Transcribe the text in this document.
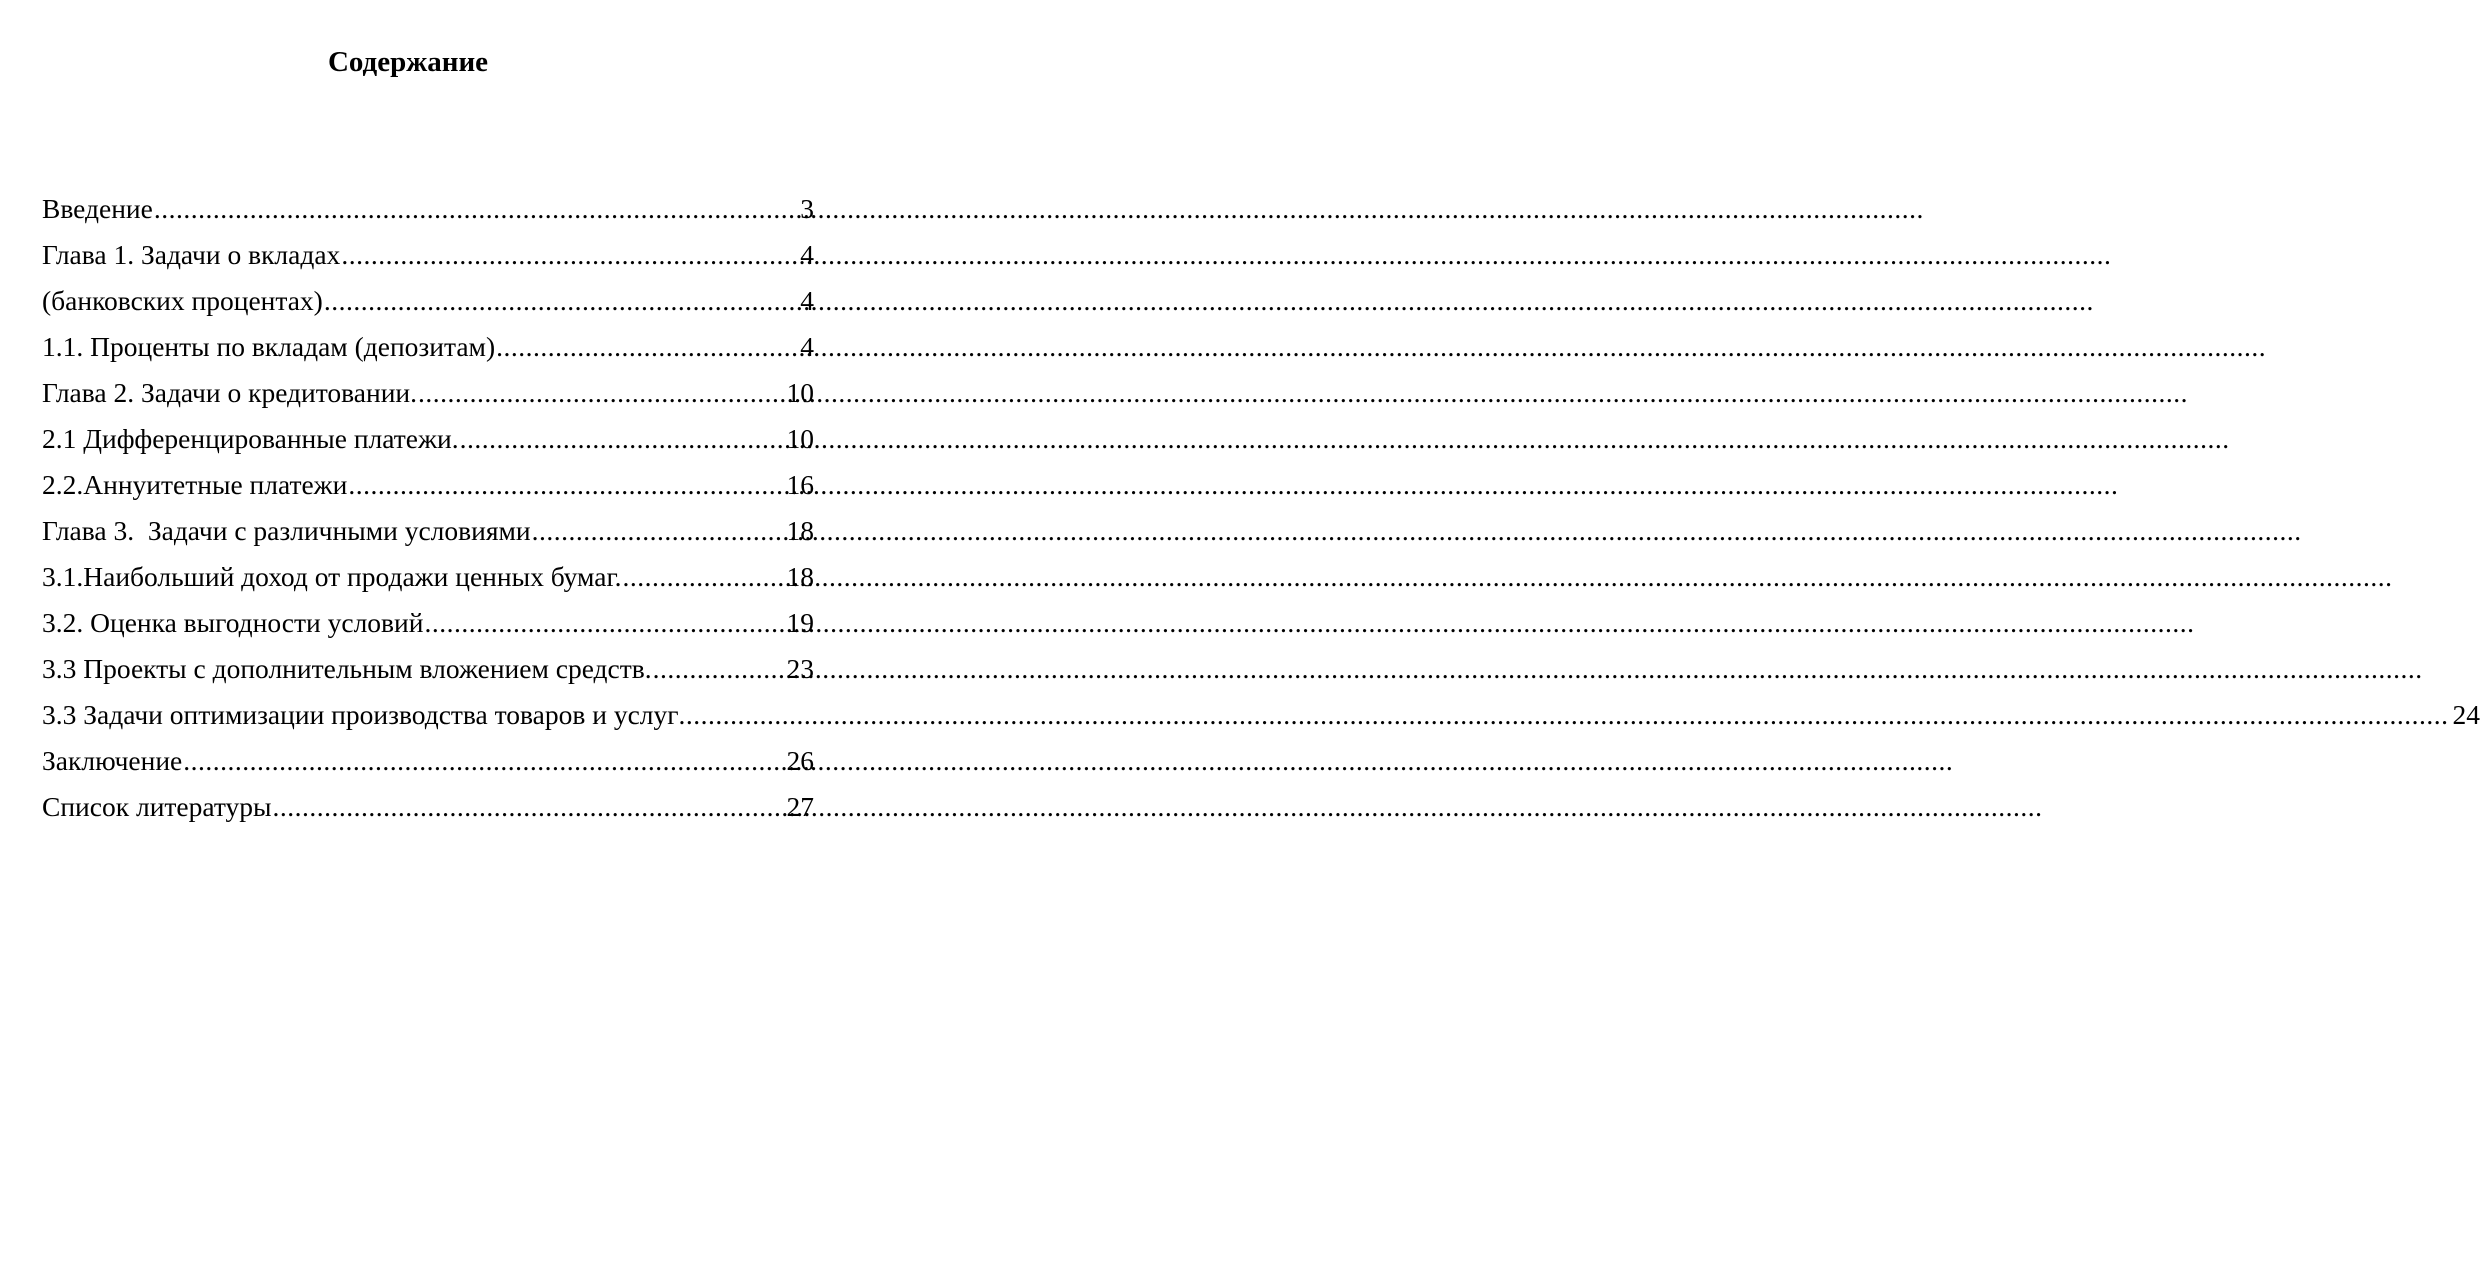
Содержание
Введение .....	3
Глава 1. Задачи о вкладах .....	4
(банковских процентах) .....	4
1.1. Проценты по вкладам (депозитам) .....	4
Глава 2. Задачи о кредитовании. .....	10
2.1 Дифференцированные платежи. .....	10
2.2.Аннуитетные платежи .....	16
Глава 3.  Задачи с различными условиями .....	18
3.1.Наибольший доход от продажи ценных бумаг. .....	18
3.2. Оценка выгодности условий .....	19
3.3 Проекты с дополнительным вложением средств. .....	23
3.3 Задачи оптимизации производства товаров и услуг .....	24
Заключение .....	26
Список литературы .....	27
